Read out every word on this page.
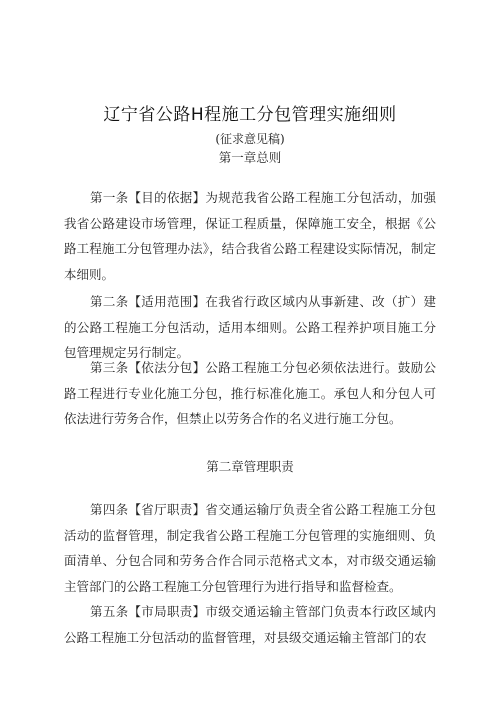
辽宁省公路H程施工分包管理实施细则
(征求意见稿)
第一章总则

第一条【目的依据】为规范我省公路工程施工分包活动，加强我省公路建设市场管理，保证工程质量，保障施工安全，根据《公路工程施工分包管理办法》，结合我省公路工程建设实际情况，制定本细则。

第二条【适用范围】在我省行政区域内从事新建、改（扩）建的公路工程施工分包活动，适用本细则。公路工程养护项目施工分包管理规定另行制定。

第三条【依法分包】公路工程施工分包必须依法进行。鼓励公路工程进行专业化施工分包，推行标准化施工。承包人和分包人可依法进行劳务合作，但禁止以劳务合作的名义进行施工分包。

第二章管理职责

第四条【省厅职责】省交通运输厅负责全省公路工程施工分包活动的监督管理，制定我省公路工程施工分包管理的实施细则、负面清单、分包合同和劳务合作合同示范格式文本，对市级交通运输主管部门的公路工程施工分包管理行为进行指导和监督检查。

第五条【市局职责】市级交通运输主管部门负责本行政区域内公路工程施工分包活动的监督管理，对县级交通运输主管部门的农
